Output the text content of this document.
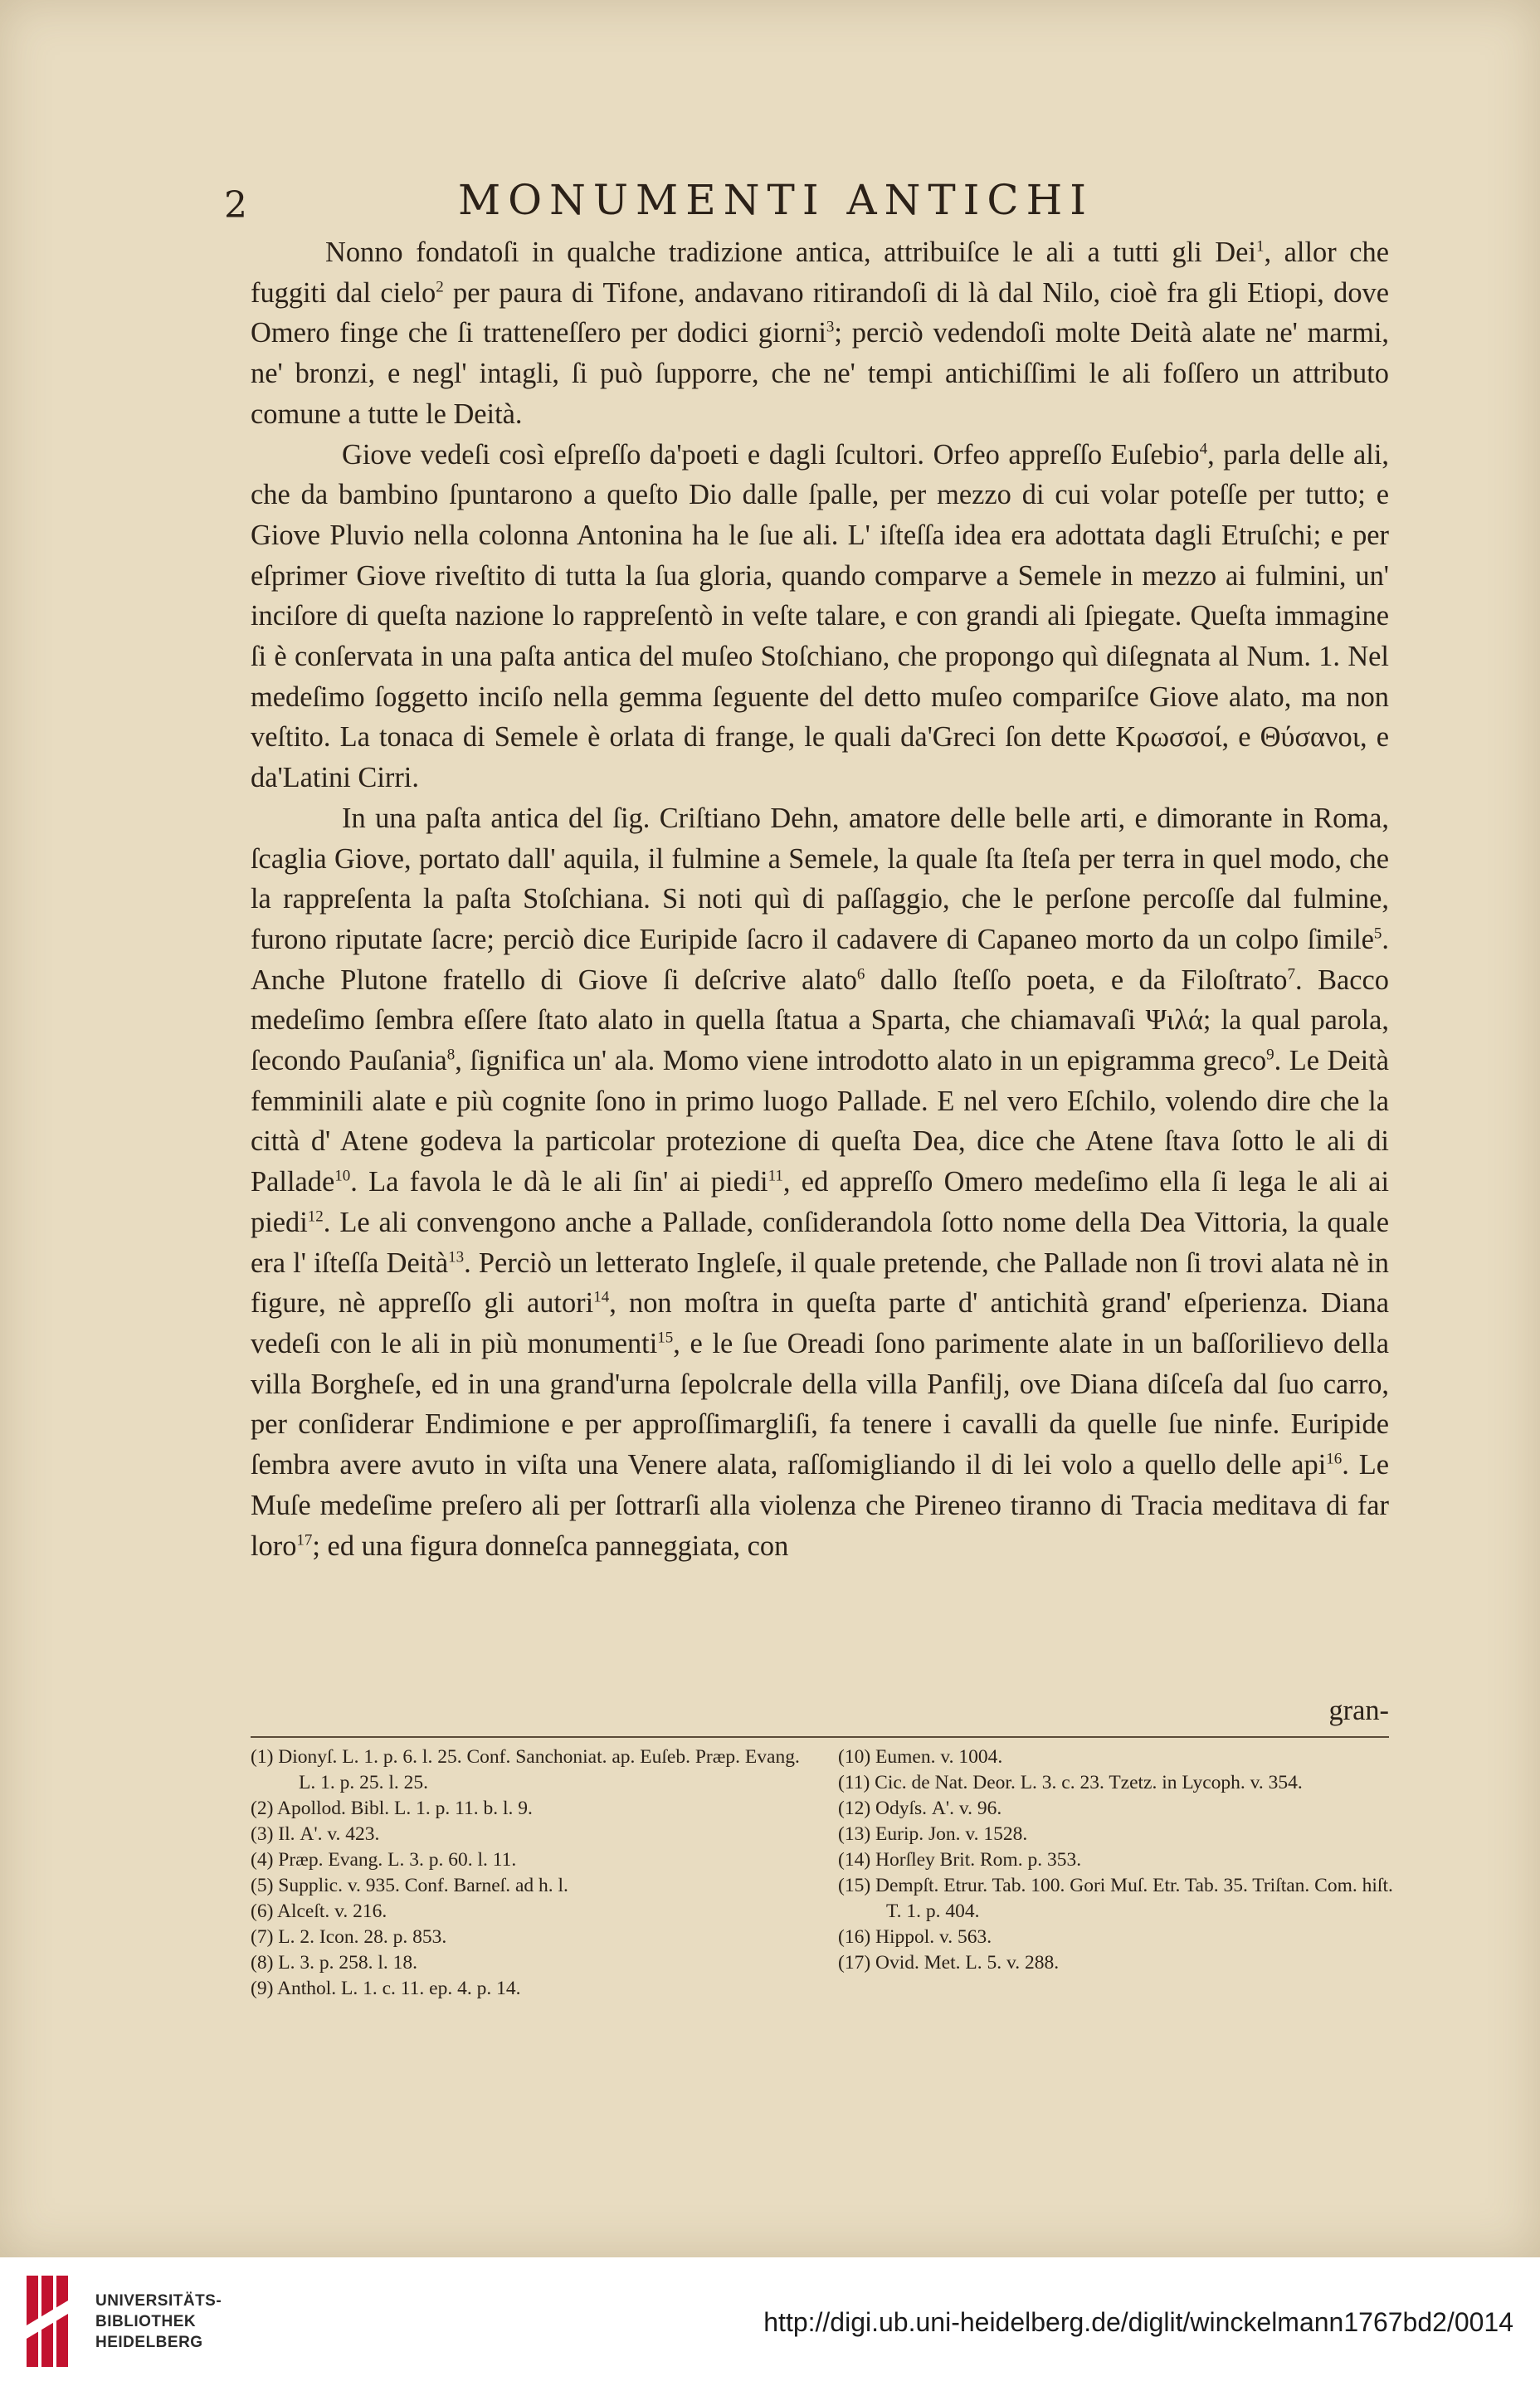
2	MONUMENTI ANTICHI

Nonno fondatoſi in qualche tradizione antica, attribuiſce le ali a tutti gli Dei$^1$, allor che fuggiti dal cielo$^2$ per paura di Tifone, andavano ritirandoſi di là dal Nilo, cioè fra gli Etiopi, dove Omero finge che ſi tratteneſſero per dodici giorni$^3$; perciò vedendoſi molte Deità alate ne' marmi, ne' bronzi, e negl' intagli, ſi può ſupporre, che ne' tempi antichiſſimi le ali foſſero un attributo comune a tutte le Deità.

Giove vedeſi così eſpreſſo da'poeti e dagli ſcultori. Orfeo appreſſo Euſebio$^4$, parla delle ali, che da bambino ſpuntarono a queſto Dio dalle ſpalle, per mezzo di cui volar poteſſe per tutto; e Giove Pluvio nella colonna Antonina ha le ſue ali. L' iſteſſa idea era adottata dagli Etruſchi; e per eſprimer Giove riveſtito di tutta la ſua gloria, quando comparve a Semele in mezzo ai fulmini, un' inciſore di queſta nazione lo rappreſentò in veſte talare, e con grandi ali ſpiegate. Queſta immagine ſi è conſervata in una paſta antica del muſeo Stoſchiano, che propongo quì diſegnata al Num. 1. Nel medeſimo ſoggetto inciſo nella gemma ſeguente del detto muſeo compariſce Giove alato, ma non veſtito. La tonaca di Semele è orlata di frange, le quali da'Greci ſon dette Κρωσσοί, e Θύσανοι, e da'Latini Cirri.

In una paſta antica del ſig. Criſtiano Dehn, amatore delle belle arti, e dimorante in Roma, ſcaglia Giove, portato dall' aquila, il fulmine a Semele, la quale ſta ſteſa per terra in quel modo, che la rappreſenta la paſta Stoſchiana. Si noti quì di paſſaggio, che le perſone percoſſe dal fulmine, furono riputate ſacre; perciò dice Euripide ſacro il cadavere di Capaneo morto da un colpo ſimile$^5$. Anche Plutone fratello di Giove ſi deſcrive alato$^6$ dallo ſteſſo poeta, e da Filoſtrato$^7$. Bacco medeſimo ſembra eſſere ſtato alato in quella ſtatua a Sparta, che chiamavaſi Ψιλά; la qual parola, ſecondo Pauſania$^8$, ſignifica un' ala. Momo viene introdotto alato in un epigramma greco$^9$. Le Deità femminili alate e più cognite ſono in primo luogo Pallade. E nel vero Eſchilo, volendo dire che la città d' Atene godeva la particolar protezione di queſta Dea, dice che Atene ſtava ſotto le ali di Pallade$^{10}$. La favola le dà le ali ſin' ai piedi$^{11}$, ed appreſſo Omero medeſimo ella ſi lega le ali ai piedi$^{12}$. Le ali convengono anche a Pallade, conſiderandola ſotto nome della Dea Vittoria, la quale era l' iſteſſa Deità$^{13}$. Perciò un letterato Ingleſe, il quale pretende, che Pallade non ſi trovi alata nè in figure, nè appreſſo gli autori$^{14}$, non moſtra in queſta parte d' antichità grand' eſperienza. Diana vedeſi con le ali in più monumenti$^{15}$, e le ſue Oreadi ſono parimente alate in un baſſorilievo della villa Borgheſe, ed in una grand'urna ſepolcrale della villa Panfilj, ove Diana diſceſa dal ſuo carro, per conſiderar Endimione e per approſſimargliſi, fa tenere i cavalli da quelle ſue ninfe. Euripide ſembra avere avuto in viſta una Venere alata, raſſomigliando il di lei volo a quello delle api$^{16}$. Le Muſe medeſime preſero ali per ſottrarſi alla violenza che Pireneo tiranno di Tracia meditava di far loro$^{17}$; ed una figura donneſca panneggiata, con

gran-
(1) Dionyſ. L. 1. p. 6. l. 25. Conf. Sanchoniat. ap. Euſeb. Præp. Evang. L. 1. p. 25. l. 25.
(2) Apollod. Bibl. L. 1. p. 11. b. l. 9.
(3) Il. Α'. v. 423.
(4) Præp. Evang. L. 3. p. 60. l. 11.
(5) Supplic. v. 935. Conf. Barneſ. ad h. l.
(6) Alceſt. v. 216.
(7) L. 2. Icon. 28. p. 853.
(8) L. 3. p. 258. l. 18.
(9) Anthol. L. 1. c. 11. ep. 4. p. 14.
(10) Eumen. v. 1004.
(11) Cic. de Nat. Deor. L. 3. c. 23. Tzetz. in Lycoph. v. 354.
(12) Odyſs. Α'. v. 96.
(13) Eurip. Jon. v. 1528.
(14) Horſley Brit. Rom. p. 353.
(15) Dempſt. Etrur. Tab. 100. Gori Muſ. Etr. Tab. 35. Triſtan. Com. hiſt. T. 1. p. 404.
(16) Hippol. v. 563.
(17) Ovid. Met. L. 5. v. 288.
UNIVERSITÄTS-
BIBLIOTHEK
HEIDELBERG
http://digi.ub.uni-heidelberg.de/diglit/winckelmann1767bd2/0014
